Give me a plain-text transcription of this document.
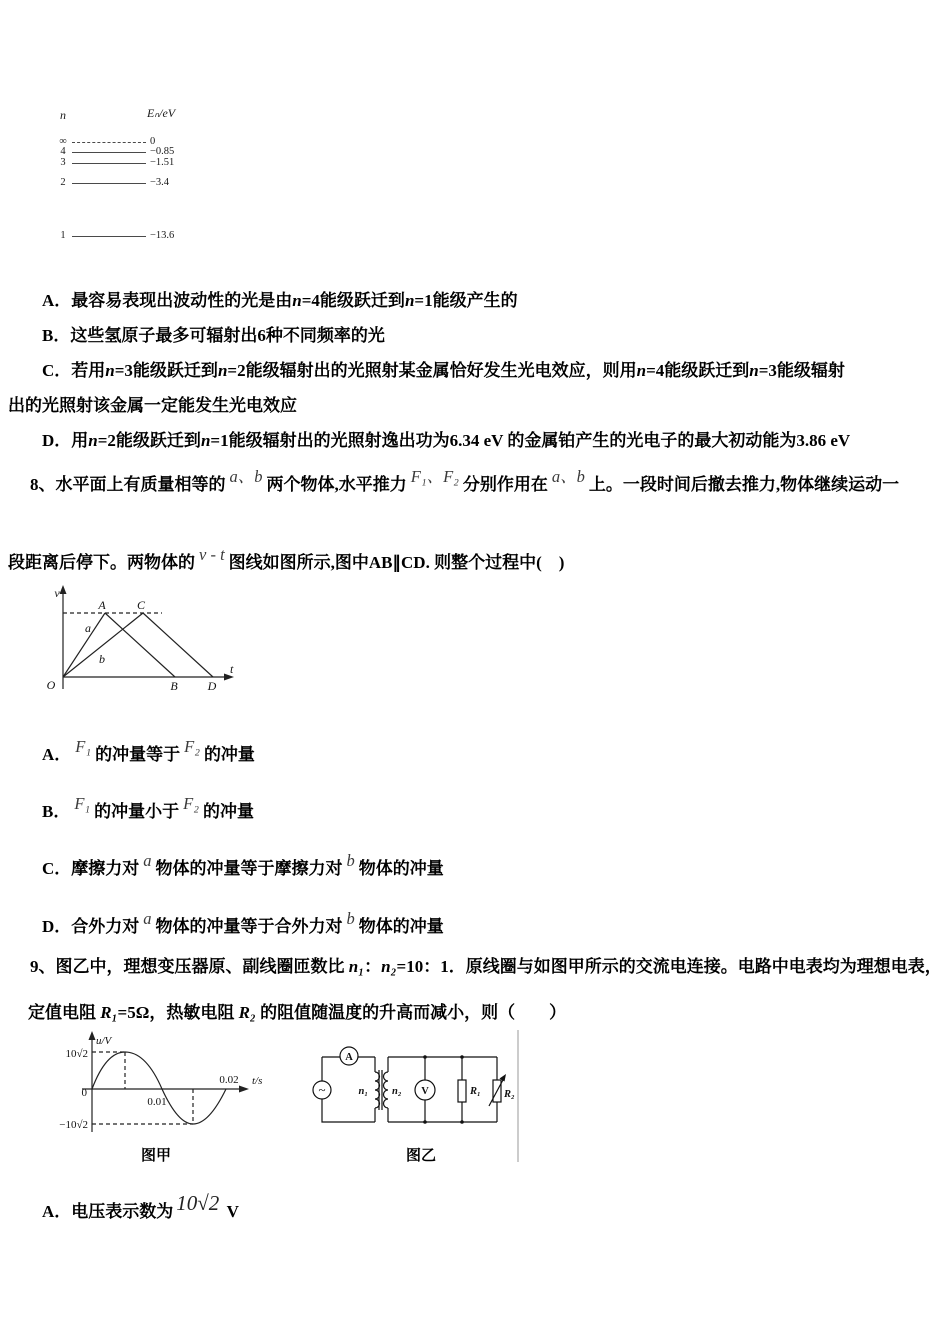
n	Eₙ/eV
∞	0
4	−0.85
3	−1.51
2	−3.4
1	−13.6
A．最容易表现出波动性的光是由n=4能级跃迁到n=1能级产生的
B．这些氢原子最多可辐射出6种不同频率的光
C．若用n=3能级跃迁到n=2能级辐射出的光照射某金属恰好发生光电效应，则用n=4能级跃迁到n=3能级辐射
出的光照射该金属一定能发生光电效应
D．用n=2能级跃迁到n=1能级辐射出的光照射逸出功为6.34 eV 的金属铂产生的光电子的最大初动能为3.86 eV
8、水平面上有质量相等的 a、b 两个物体,水平推力 F₁、F₂ 分别作用在 a、b 上。一段时间后撤去推力,物体继续运动一
段距离后停下。两物体的 v - t 图线如图所示,图中AB∥CD. 则整个过程中(　)
v
t
O
A	C
B D
a
b
A． F₁ 的冲量等于 F₂ 的冲量
B． F₁ 的冲量小于 F₂ 的冲量
C．摩擦力对 a 物体的冲量等于摩擦力对 b 物体的冲量
D．合外力对 a 物体的冲量等于合外力对 b 物体的冲量
9、图乙中，理想变压器原、副线圈匝数比 n₁：n₂=10：1．原线圈与如图甲所示的交流电连接。电路中电表均为理想电表，
定值电阻 R₁=5Ω，热敏电阻 R₂ 的阻值随温度的升高而减小，则（　　）
u/V
10√2
0
0.01
0.02 t/s
−10√2
A
~	V
n₁ n₂	R₁ R₂
图甲	图乙
A．电压表示数为 10√2 V
